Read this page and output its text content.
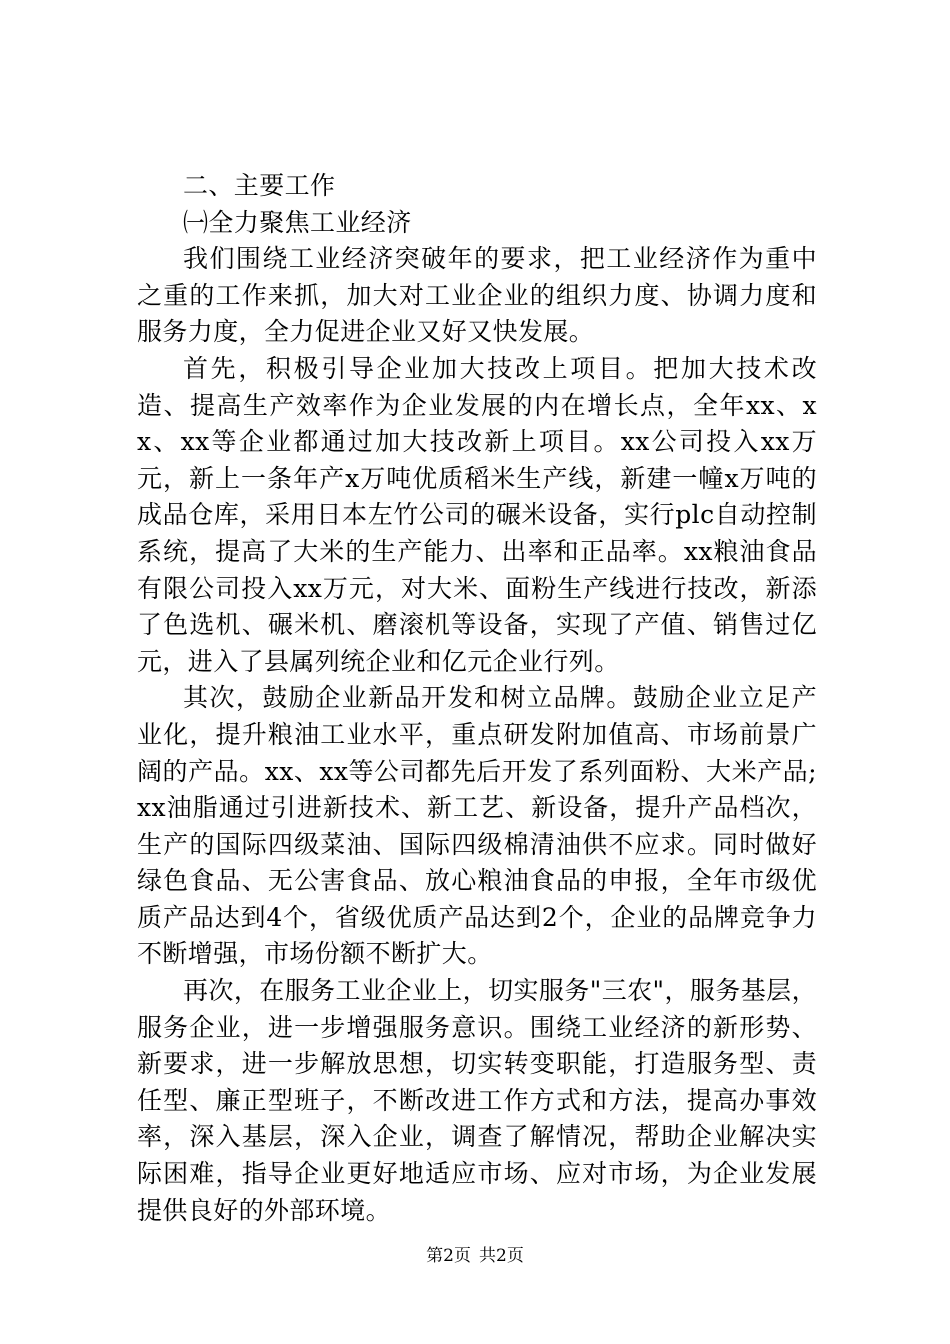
二、主要工作

㈠全力聚焦工业经济

我们围绕工业经济突破年的要求，把工业经济作为重中之重的工作来抓，加大对工业企业的组织力度、协调力度和服务力度，全力促进企业又好又快发展。

首先，积极引导企业加大技改上项目。把加大技术改造、提高生产效率作为企业发展的内在增长点，全年xx、xx、xx等企业都通过加大技改新上项目。xx公司投入xx万元，新上一条年产x万吨优质稻米生产线，新建一幢x万吨的成品仓库，采用日本左竹公司的碾米设备，实行plc自动控制系统，提高了大米的生产能力、出率和正品率。xx粮油食品有限公司投入xx万元，对大米、面粉生产线进行技改，新添了色选机、碾米机、磨滚机等设备，实现了产值、销售过亿元，进入了县属列统企业和亿元企业行列。

其次，鼓励企业新品开发和树立品牌。鼓励企业立足产业化，提升粮油工业水平，重点研发附加值高、市场前景广阔的产品。xx、xx等公司都先后开发了系列面粉、大米产品;xx油脂通过引进新技术、新工艺、新设备，提升产品档次，生产的国际四级菜油、国际四级棉清油供不应求。同时做好绿色食品、无公害食品、放心粮油食品的申报，全年市级优质产品达到4个，省级优质产品达到2个，企业的品牌竞争力不断增强，市场份额不断扩大。

再次，在服务工业企业上，切实服务"三农"，服务基层，服务企业，进一步增强服务意识。围绕工业经济的新形势、新要求，进一步解放思想，切实转变职能，打造服务型、责任型、廉正型班子，不断改进工作方式和方法，提高办事效率，深入基层，深入企业，调查了解情况，帮助企业解决实际困难，指导企业更好地适应市场、应对市场，为企业发展提供良好的外部环境。

第2页 共2页
